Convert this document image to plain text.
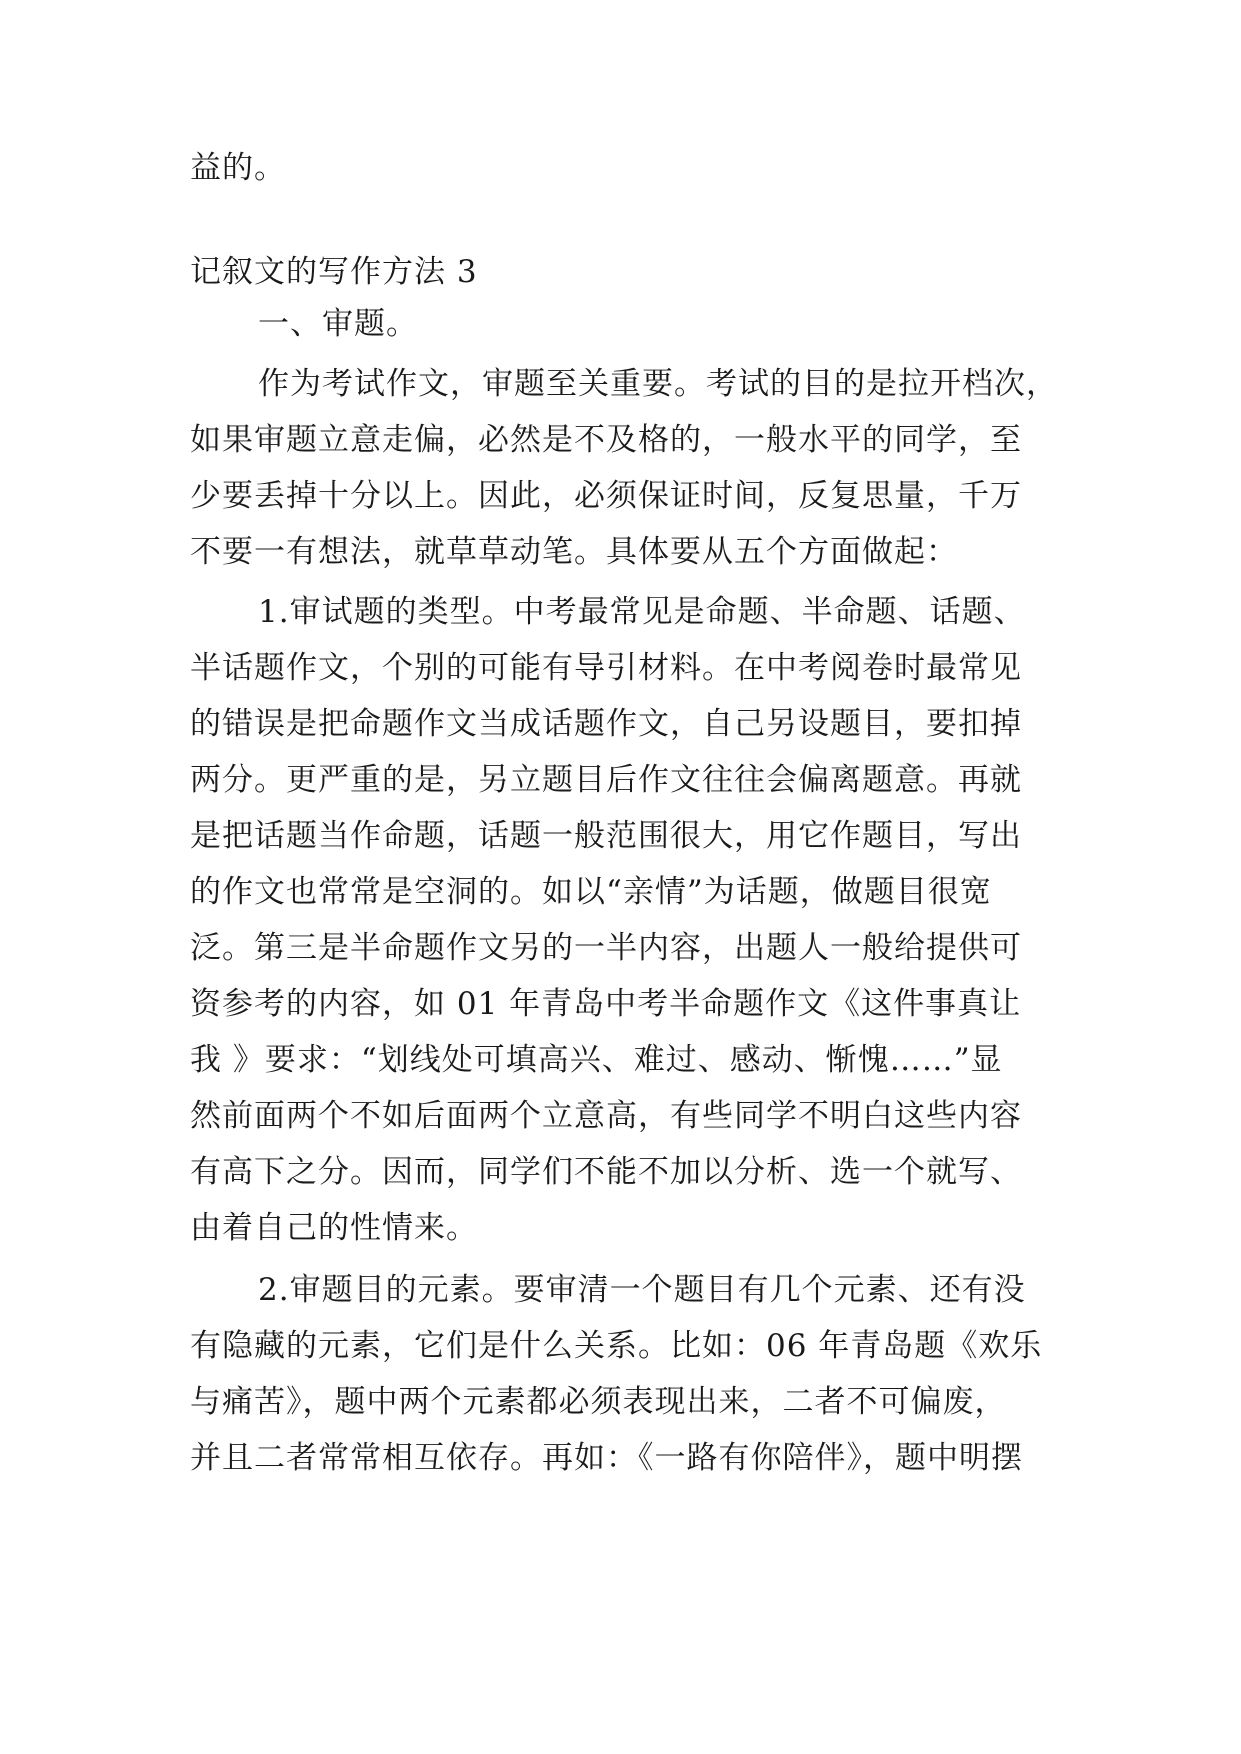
益的。
记叙文的写作方法 3
一、审题。
作为考试作文，审题至关重要。考试的目的是拉开档次，
如果审题立意走偏，必然是不及格的，一般水平的同学，至
少要丢掉十分以上。因此，必须保证时间，反复思量，千万
不要一有想法，就草草动笔。具体要从五个方面做起：
1.审试题的类型。中考最常见是命题、半命题、话题、
半话题作文，个别的可能有导引材料。在中考阅卷时最常见
的错误是把命题作文当成话题作文，自己另设题目，要扣掉
两分。更严重的是，另立题目后作文往往会偏离题意。再就
是把话题当作命题，话题一般范围很大，用它作题目，写出
的作文也常常是空洞的。如以“亲情”为话题，做题目很宽
泛。第三是半命题作文另的一半内容，出题人一般给提供可
资参考的内容，如 01 年青岛中考半命题作文《这件事真让
我 》要求：“划线处可填高兴、难过、感动、惭愧……”显
然前面两个不如后面两个立意高，有些同学不明白这些内容
有高下之分。因而，同学们不能不加以分析、选一个就写、
由着自己的性情来。
2.审题目的元素。要审清一个题目有几个元素、还有没
有隐藏的元素，它们是什么关系。比如：06 年青岛题《欢乐
与痛苦》，题中两个元素都必须表现出来，二者不可偏废，
并且二者常常相互依存。再如：《一路有你陪伴》，题中明摆
